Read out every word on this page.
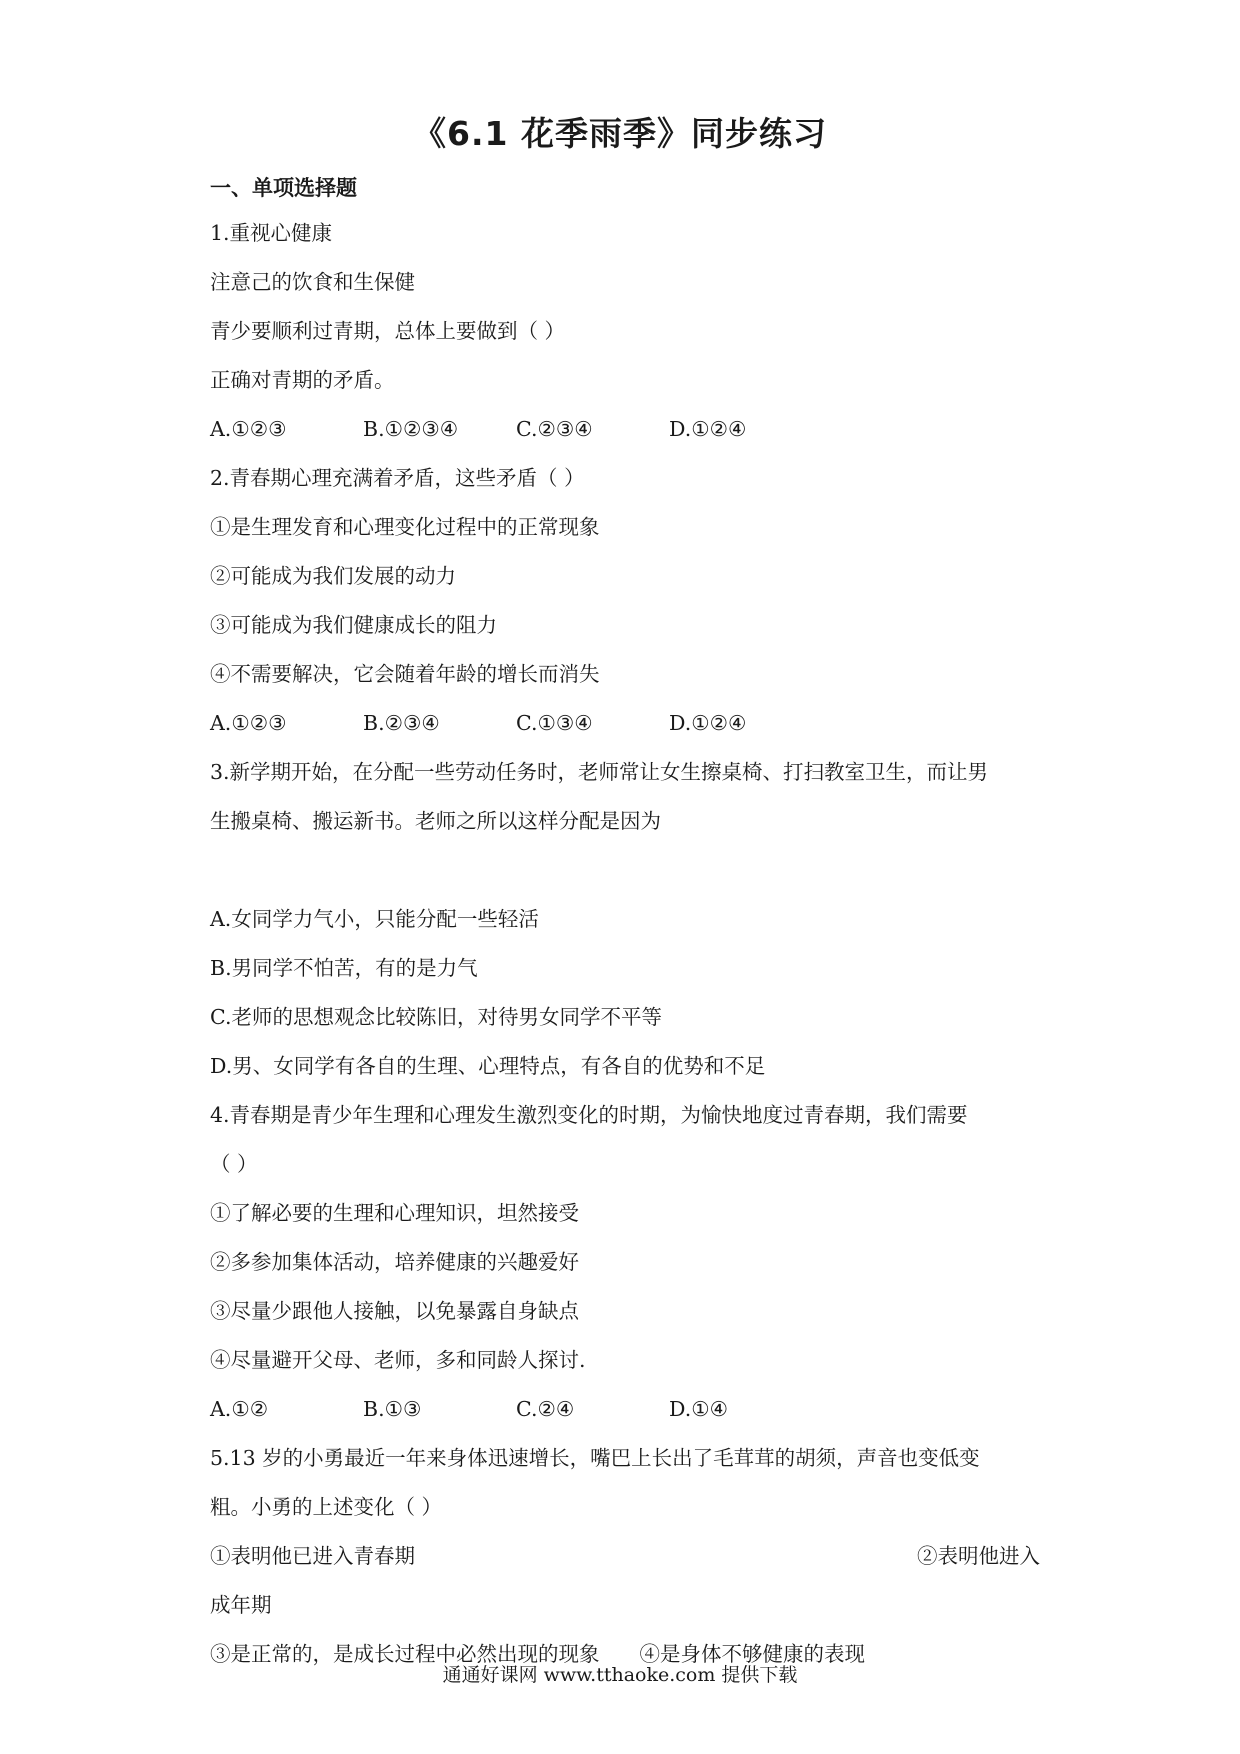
《6.1 花季雨季》同步练习
一、单项选择题
1.重视心健康
注意己的饮食和生保健
青少要顺利过青期，总体上要做到（ ）
正确对青期的矛盾。
A.①②③	B.①②③④	C.②③④	D.①②④
2.青春期心理充满着矛盾，这些矛盾（ ）
①是生理发育和心理变化过程中的正常现象
②可能成为我们发展的动力
③可能成为我们健康成长的阻力
④不需要解决，它会随着年龄的增长而消失
A.①②③	B.②③④	C.①③④	D.①②④
3.新学期开始，在分配一些劳动任务时，老师常让女生擦桌椅、打扫教室卫生，而让男
生搬桌椅、搬运新书。老师之所以这样分配是因为
A.女同学力气小，只能分配一些轻活
B.男同学不怕苦，有的是力气
C.老师的思想观念比较陈旧，对待男女同学不平等
D.男、女同学有各自的生理、心理特点，有各自的优势和不足
4.青春期是青少年生理和心理发生激烈变化的时期，为愉快地度过青春期，我们需要
（ ）
①了解必要的生理和心理知识，坦然接受
②多参加集体活动，培养健康的兴趣爱好
③尽量少跟他人接触，以免暴露自身缺点
④尽量避开父母、老师，多和同龄人探讨.
A.①②	B.①③	C.②④	D.①④
5.13 岁的小勇最近一年来身体迅速增长，嘴巴上长出了毛茸茸的胡须，声音也变低变
粗。小勇的上述变化（ ）
①表明他已进入青春期	②表明他进入
成年期
③是正常的，是成长过程中必然出现的现象 ④是身体不够健康的表现
通通好课网 www.tthaoke.com 提供下载
